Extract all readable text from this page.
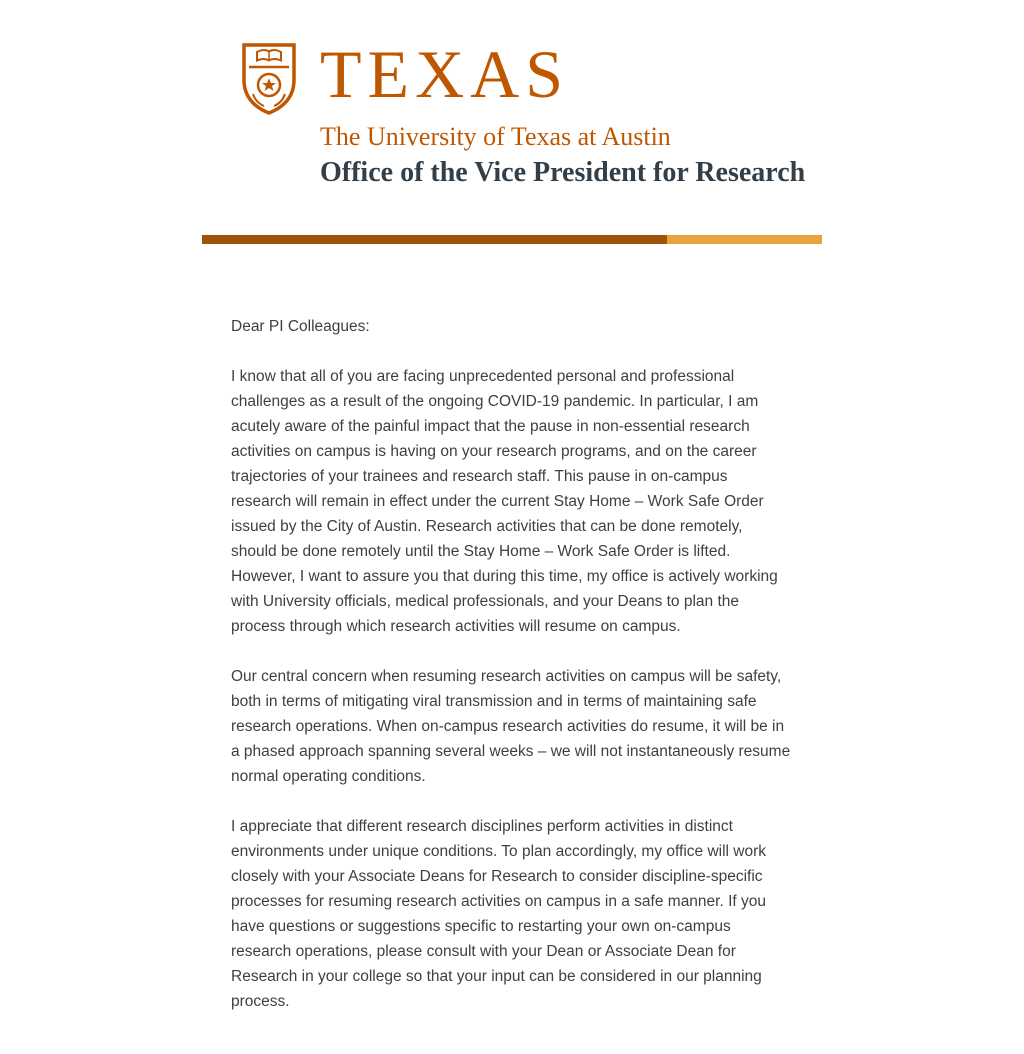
TEXAS
The University of Texas at Austin
Office of the Vice President for Research

Dear PI Colleagues:

I know that all of you are facing unprecedented personal and professional challenges as a result of the ongoing COVID-19 pandemic. In particular, I am acutely aware of the painful impact that the pause in non-essential research activities on campus is having on your research programs, and on the career trajectories of your trainees and research staff. This pause in on-campus research will remain in effect under the current Stay Home – Work Safe Order issued by the City of Austin. Research activities that can be done remotely, should be done remotely until the Stay Home – Work Safe Order is lifted. However, I want to assure you that during this time, my office is actively working with University officials, medical professionals, and your Deans to plan the process through which research activities will resume on campus.

Our central concern when resuming research activities on campus will be safety, both in terms of mitigating viral transmission and in terms of maintaining safe research operations. When on-campus research activities do resume, it will be in a phased approach spanning several weeks – we will not instantaneously resume normal operating conditions.

I appreciate that different research disciplines perform activities in distinct environments under unique conditions. To plan accordingly, my office will work closely with your Associate Deans for Research to consider discipline-specific processes for resuming research activities on campus in a safe manner. If you have questions or suggestions specific to restarting your own on-campus research operations, please consult with your Dean or Associate Dean for Research in your college so that your input can be considered in our planning process.
